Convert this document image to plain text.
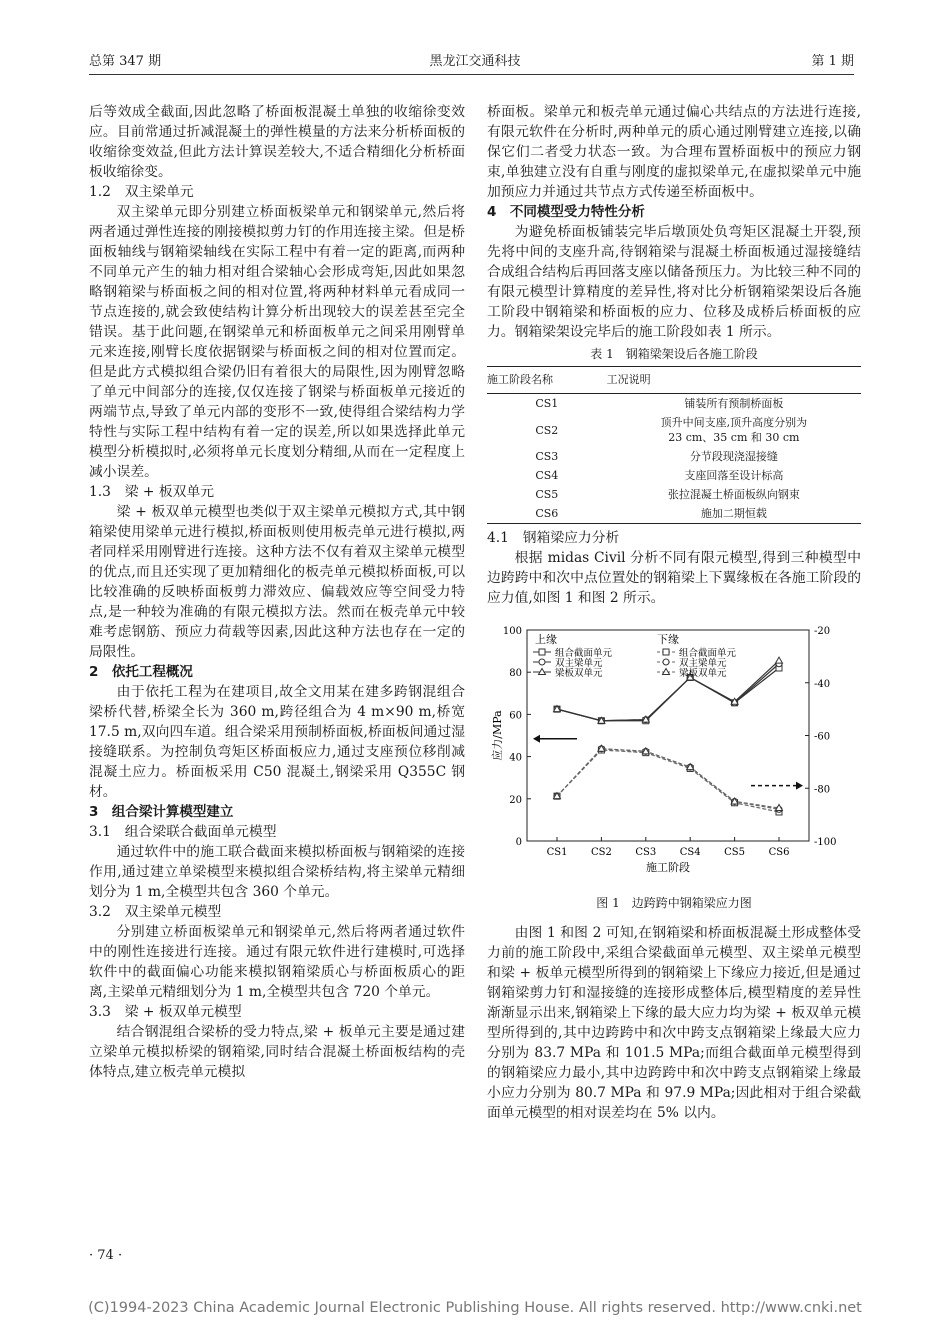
总第 347 期	黑龙江交通科技	第 1 期

后等效成全截面,因此忽略了桥面板混凝土单独的收缩徐变效应。目前常通过折减混凝土的弹性模量的方法来分析桥面板的收缩徐变效益,但此方法计算误差较大,不适合精细化分析桥面板收缩徐变。

1.2　双主梁单元

双主梁单元即分别建立桥面板梁单元和钢梁单元,然后将两者通过弹性连接的刚接模拟剪力钉的作用连接主梁。但是桥面板轴线与钢箱梁轴线在实际工程中有着一定的距离,而两种不同单元产生的轴力相对组合梁轴心会形成弯矩,因此如果忽略钢箱梁与桥面板之间的相对位置,将两种材料单元看成同一节点连接的,就会致使结构计算分析出现较大的误差甚至完全错误。基于此问题,在钢梁单元和桥面板单元之间采用刚臂单元来连接,刚臂长度依据钢梁与桥面板之间的相对位置而定。但是此方式模拟组合梁仍旧有着很大的局限性,因为刚臂忽略了单元中间部分的连接,仅仅连接了钢梁与桥面板单元接近的两端节点,导致了单元内部的变形不一致,使得组合梁结构力学特性与实际工程中结构有着一定的误差,所以如果选择此单元模型分析模拟时,必须将单元长度划分精细,从而在一定程度上减小误差。

1.3　梁 + 板双单元

梁 + 板双单元模型也类似于双主梁单元模拟方式,其中钢箱梁使用梁单元进行模拟,桥面板则使用板壳单元进行模拟,两者同样采用刚臂进行连接。这种方法不仅有着双主梁单元模型的优点,而且还实现了更加精细化的板壳单元模拟桥面板,可以比较准确的反映桥面板剪力滞效应、偏载效应等空间受力特点,是一种较为准确的有限元模拟方法。然而在板壳单元中较难考虑钢筋、预应力荷载等因素,因此这种方法也存在一定的局限性。

2　依托工程概况

由于依托工程为在建项目,故全文用某在建多跨钢混组合梁桥代替,桥梁全长为 360 m,跨径组合为 4 m×90 m,桥宽 17.5 m,双向四车道。组合梁采用预制桥面板,桥面板间通过湿接缝联系。为控制负弯矩区桥面板应力,通过支座预位移削减混凝土应力。桥面板采用 C50 混凝土,钢梁采用 Q355C 钢材。

3　组合梁计算模型建立

3.1　组合梁联合截面单元模型

通过软件中的施工联合截面来模拟桥面板与钢箱梁的连接作用,通过建立单梁模型来模拟组合梁桥结构,将主梁单元精细划分为 1 m,全模型共包含 360 个单元。

3.2　双主梁单元模型

分别建立桥面板梁单元和钢梁单元,然后将两者通过软件中的刚性连接进行连接。通过有限元软件进行建模时,可选择软件中的截面偏心功能来模拟钢箱梁质心与桥面板质心的距离,主梁单元精细划分为 1 m,全模型共包含 720 个单元。

3.3　梁 + 板双单元模型

结合钢混组合梁桥的受力特点,梁 + 板单元主要是通过建立梁单元模拟桥梁的钢箱梁,同时结合混凝土桥面板结构的壳体特点,建立板壳单元模拟

桥面板。梁单元和板壳单元通过偏心共结点的方法进行连接,有限元软件在分析时,两种单元的质心通过刚臂建立连接,以确保它们二者受力状态一致。为合理布置桥面板中的预应力钢束,单独建立没有自重与刚度的虚拟梁单元,在虚拟梁单元中施加预应力并通过共节点方式传递至桥面板中。

4　不同模型受力特性分析

为避免桥面板铺装完毕后墩顶处负弯矩区混凝土开裂,预先将中间的支座升高,待钢箱梁与混凝土桥面板通过湿接缝结合成组合结构后再回落支座以储备预压力。为比较三种不同的有限元模型计算精度的差异性,将对比分析钢箱梁架设后各施工阶段中钢箱梁和桥面板的应力、位移及成桥后桥面板的应力。钢箱梁架设完毕后的施工阶段如表 1 所示。

表 1　钢箱梁架设后各施工阶段
施工阶段名称	工况说明
CS1	铺装所有预制桥面板
CS2	顶升中间支座,顶升高度分别为
23 cm、35 cm 和 30 cm
CS3	分节段现浇湿接缝
CS4	支座回落至设计标高
CS5	张拉混凝土桥面板纵向钢束
CS6	施加二期恒载

4.1　钢箱梁应力分析

根据 midas Civil 分析不同有限元模型,得到三种模型中边跨跨中和次中点位置处的钢箱梁上下翼缘板在各施工阶段的应力值,如图 1 和图 2 所示。

0
20
40
60
80
100
-100
-80
-60
-40
-20
CS1 CS2 CS3 CS4 CS5 CS6
施工阶段
应力/MPa
上缘	下缘
组合截面单元
双主梁单元
梁板双单元
组合截面单元
双主梁单元
梁板双单元
图 1　边跨跨中钢箱梁应力图

由图 1 和图 2 可知,在钢箱梁和桥面板混凝土形成整体受力前的施工阶段中,采组合梁截面单元模型、双主梁单元模型和梁 + 板单元模型所得到的钢箱梁上下缘应力接近,但是通过钢箱梁剪力钉和湿接缝的连接形成整体后,模型精度的差异性渐渐显示出来,钢箱梁上下缘的最大应力均为梁 + 板双单元模型所得到的,其中边跨跨中和次中跨支点钢箱梁上缘最大应力分别为 83.7 MPa 和 101.5 MPa;而组合截面单元模型得到的钢箱梁应力最小,其中边跨跨中和次中跨支点钢箱梁上缘最小应力分别为 80.7 MPa 和 97.9 MPa;因此相对于组合梁截面单元模型的相对误差均在 5% 以内。

· 74 ·
(C)1994-2023 China Academic Journal Electronic Publishing House. All rights reserved. http://www.cnki.net
